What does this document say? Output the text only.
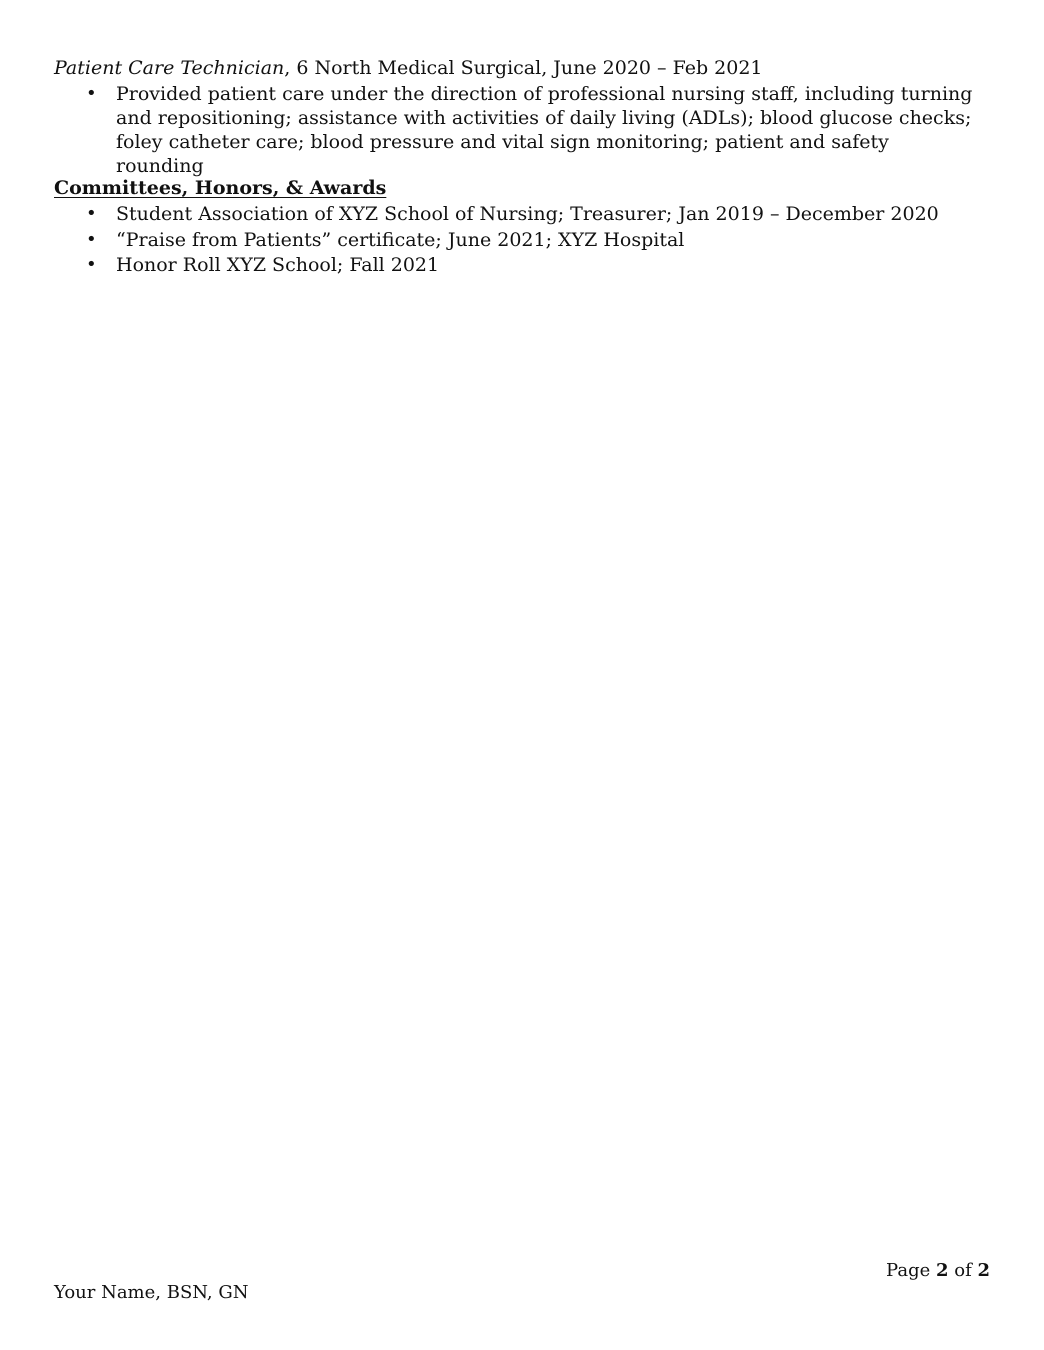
Patient Care Technician, 6 North Medical Surgical, June 2020 – Feb 2021
• Provided patient care under the direction of professional nursing staff, including turning and repositioning; assistance with activities of daily living (ADLs); blood glucose checks; foley catheter care; blood pressure and vital sign monitoring; patient and safety rounding
Committees, Honors, & Awards
• Student Association of XYZ School of Nursing; Treasurer; Jan 2019 – December 2020
• “Praise from Patients” certificate; June 2021; XYZ Hospital
• Honor Roll XYZ School; Fall 2021
Page 2 of 2
Your Name, BSN, GN
